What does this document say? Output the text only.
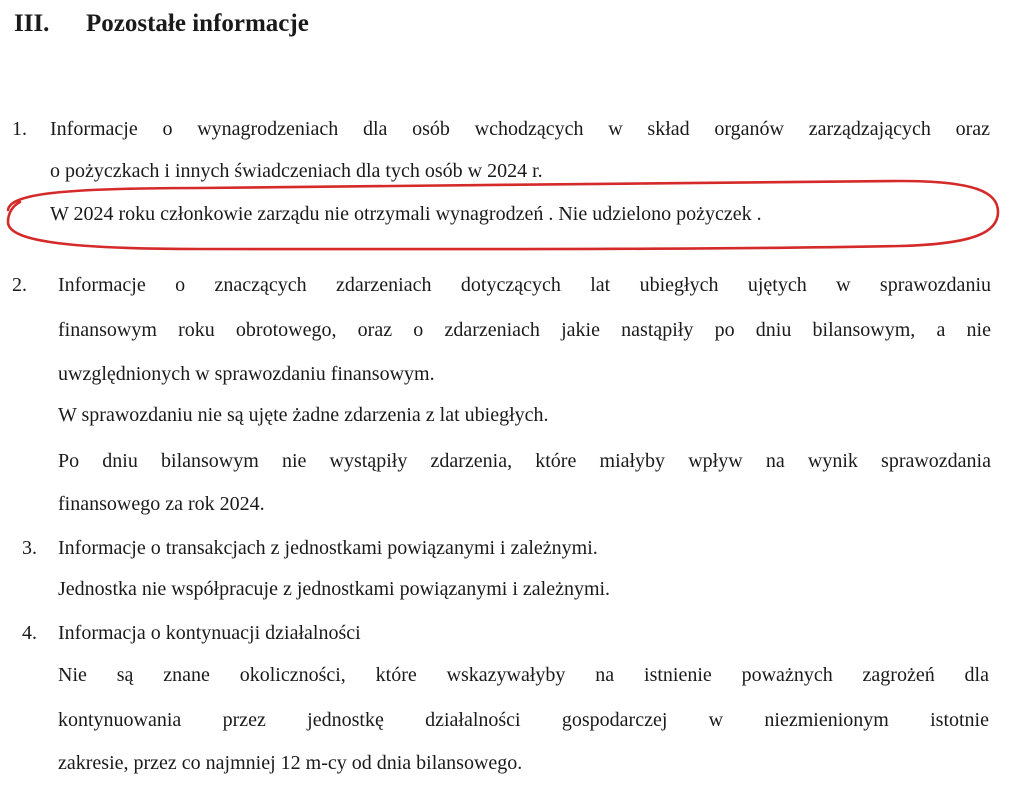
III. Pozostałe informacje
1. Informacje o wynagrodzeniach dla osób wchodzących w skład organów zarządzających oraz
o pożyczkach i innych świadczeniach dla tych osób w 2024 r.
W 2024 roku członkowie zarządu nie otrzymali wynagrodzeń . Nie udzielono pożyczek .
2. Informacje o znaczących zdarzeniach dotyczących lat ubiegłych ujętych w sprawozdaniu
finansowym roku obrotowego, oraz o zdarzeniach jakie nastąpiły po dniu bilansowym, a nie
uwzględnionych w sprawozdaniu finansowym.
W sprawozdaniu nie są ujęte żadne zdarzenia z lat ubiegłych.
Po dniu bilansowym nie wystąpiły zdarzenia, które miałyby wpływ na wynik sprawozdania
finansowego za rok 2024.
3. Informacje o transakcjach z jednostkami powiązanymi i zależnymi.
Jednostka nie współpracuje z jednostkami powiązanymi i zależnymi.
4. Informacja o kontynuacji działalności
Nie są znane okoliczności, które wskazywałyby na istnienie poważnych zagrożeń dla
kontynuowania przez jednostkę działalności gospodarczej w niezmienionym istotnie
zakresie, przez co najmniej 12 m-cy od dnia bilansowego.
